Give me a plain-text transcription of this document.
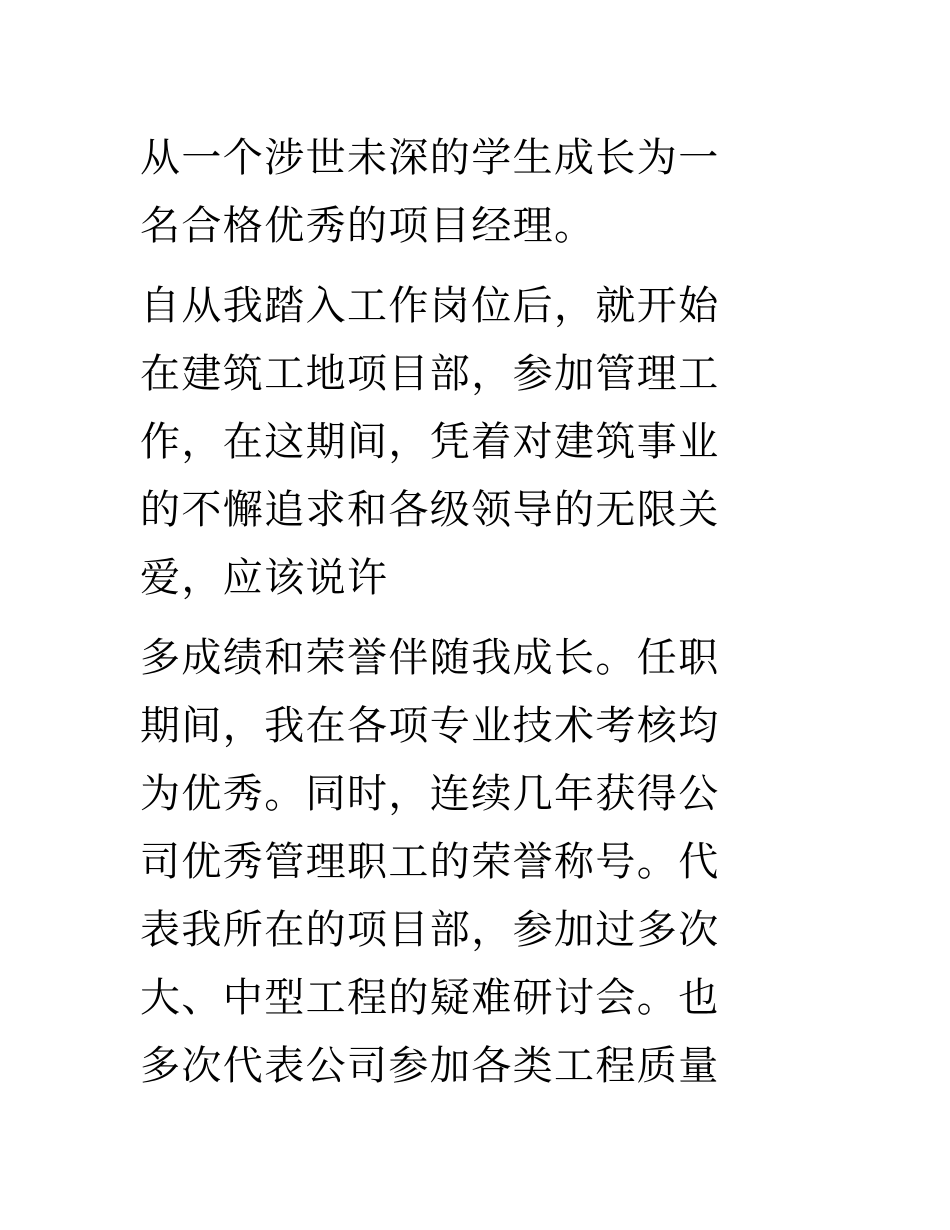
从一个涉世未深的学生成长为一
名合格优秀的项目经理。

自从我踏入工作岗位后，就开始
在建筑工地项目部，参加管理工
作，在这期间，凭着对建筑事业
的不懈追求和各级领导的无限关
爱，应该说许

多成绩和荣誉伴随我成长。任职
期间，我在各项专业技术考核均
为优秀。同时，连续几年获得公
司优秀管理职工的荣誉称号。代
表我所在的项目部，参加过多次
大、中型工程的疑难研讨会。也
多次代表公司参加各类工程质量
